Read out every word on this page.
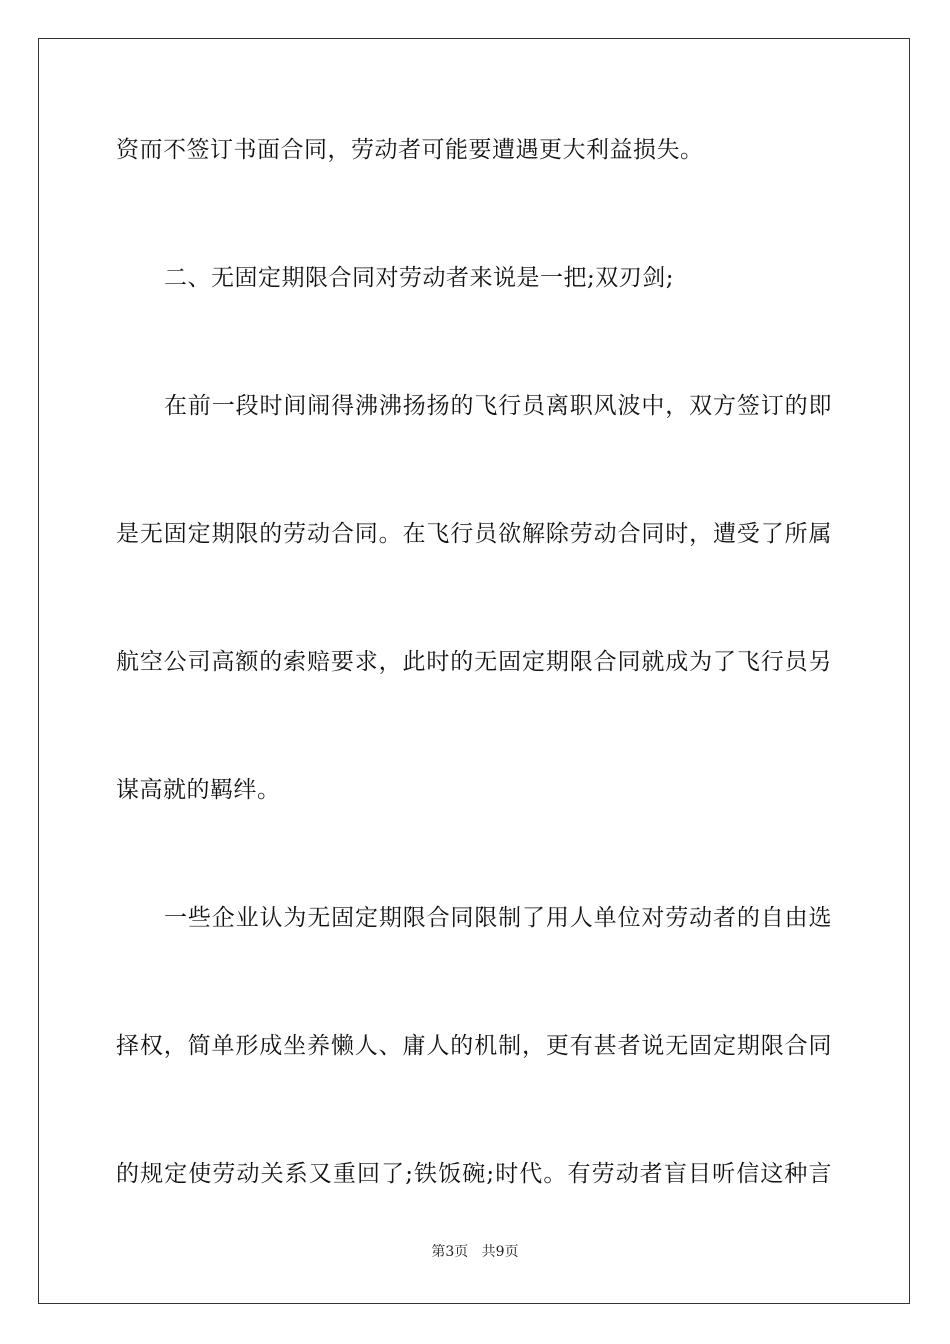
资而不签订书面合同，劳动者可能要遭遇更大利益损失。
二、无固定期限合同对劳动者来说是一把;双刃剑;
在前一段时间闹得沸沸扬扬的飞行员离职风波中，双方签订的即
是无固定期限的劳动合同。在飞行员欲解除劳动合同时，遭受了所属
航空公司高额的索赔要求，此时的无固定期限合同就成为了飞行员另
谋高就的羁绊。
一些企业认为无固定期限合同限制了用人单位对劳动者的自由选
择权，简单形成坐养懒人、庸人的机制，更有甚者说无固定期限合同
的规定使劳动关系又重回了;铁饭碗;时代。有劳动者盲目听信这种言
第3页 共9页
